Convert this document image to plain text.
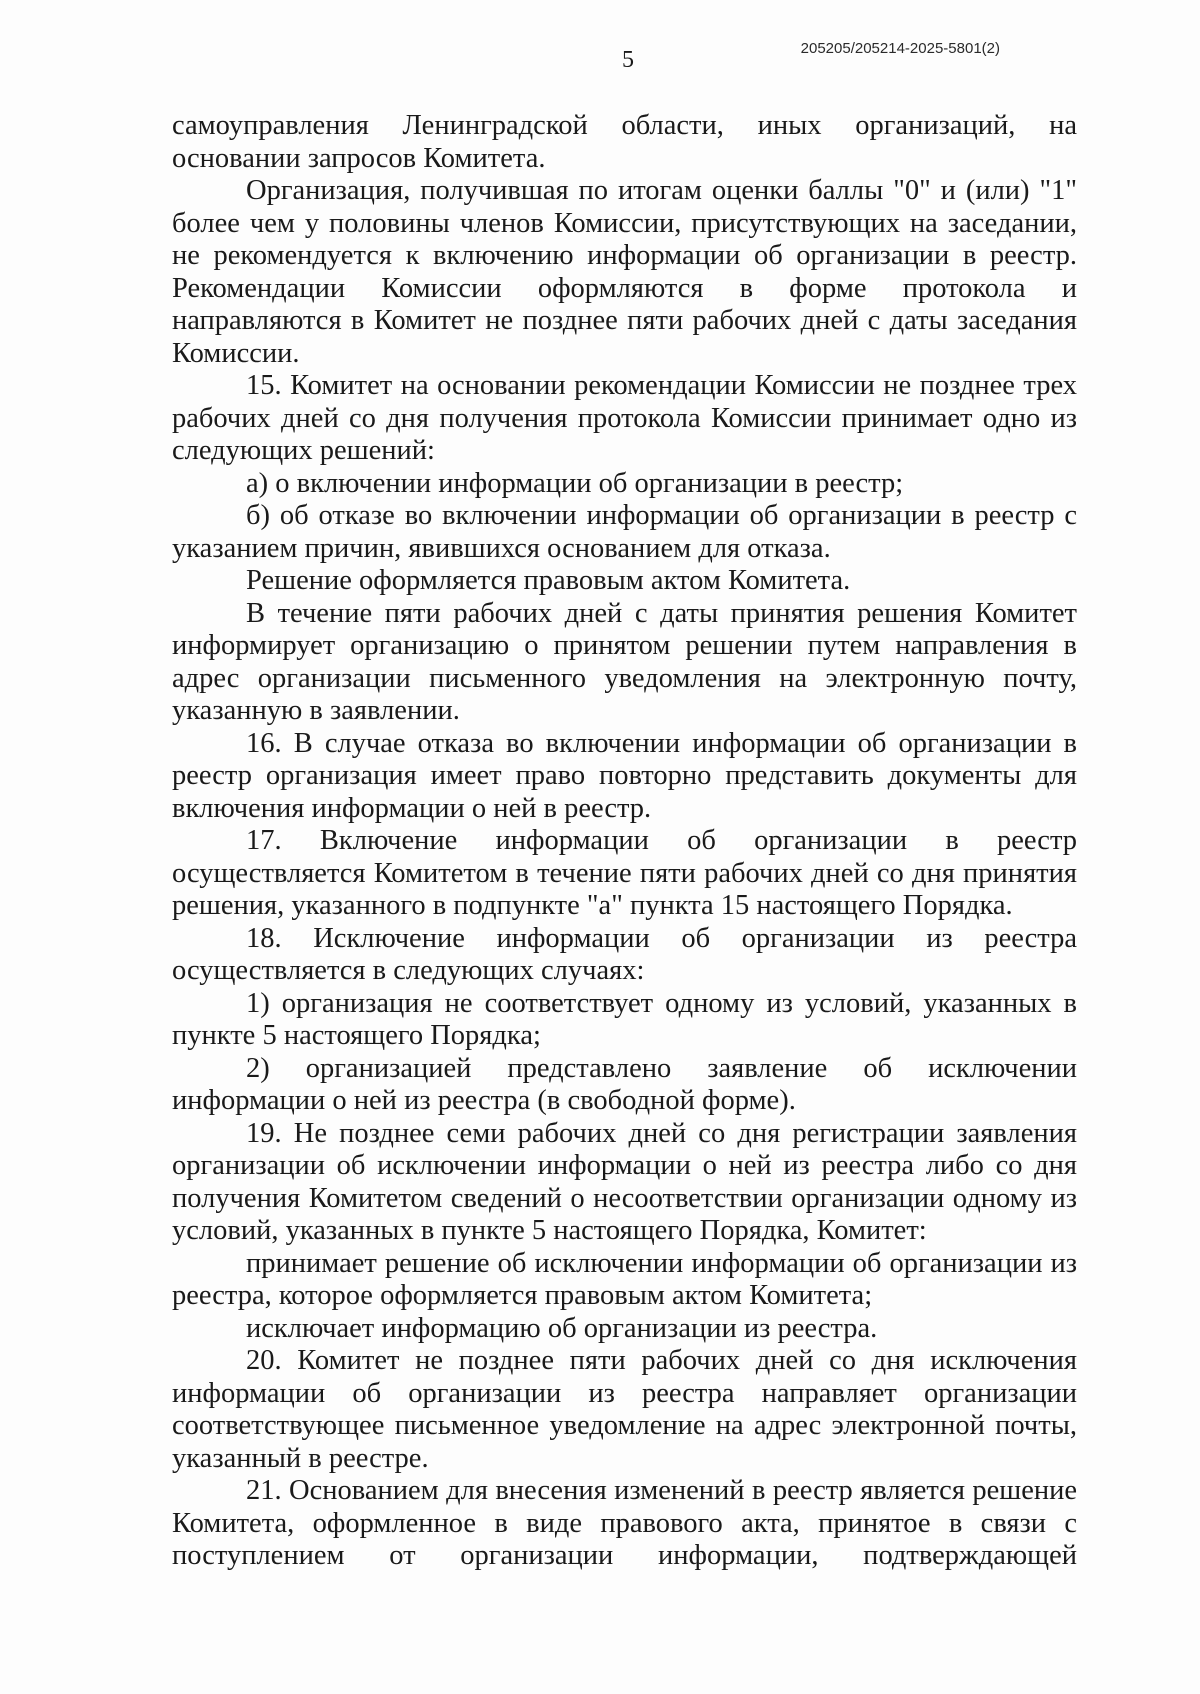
5	205205/205214-2025-5801(2)

самоуправления Ленинградской области, иных организаций, на основании запросов Комитета.

Организация, получившая по итогам оценки баллы "0" и (или) "1" более чем у половины членов Комиссии, присутствующих на заседании, не рекомендуется к включению информации об организации в реестр. Рекомендации Комиссии оформляются в форме протокола и направляются в Комитет не позднее пяти рабочих дней с даты заседания Комиссии.

15. Комитет на основании рекомендации Комиссии не позднее трех рабочих дней со дня получения протокола Комиссии принимает одно из следующих решений:

а) о включении информации об организации в реестр;

б) об отказе во включении информации об организации в реестр с указанием причин, явившихся основанием для отказа.

Решение оформляется правовым актом Комитета.

В течение пяти рабочих дней с даты принятия решения Комитет информирует организацию о принятом решении путем направления в адрес организации письменного уведомления на электронную почту, указанную в заявлении.

16. В случае отказа во включении информации об организации в реестр организация имеет право повторно представить документы для включения информации о ней в реестр.

17. Включение информации об организации в реестр осуществляется Комитетом в течение пяти рабочих дней со дня принятия решения, указанного в подпункте "а" пункта 15 настоящего Порядка.

18. Исключение информации об организации из реестра осуществляется в следующих случаях:

1) организация не соответствует одному из условий, указанных в пункте 5 настоящего Порядка;

2) организацией представлено заявление об исключении информации о ней из реестра (в свободной форме).

19. Не позднее семи рабочих дней со дня регистрации заявления организации об исключении информации о ней из реестра либо со дня получения Комитетом сведений о несоответствии организации одному из условий, указанных в пункте 5 настоящего Порядка, Комитет:

принимает решение об исключении информации об организации из реестра, которое оформляется правовым актом Комитета;

исключает информацию об организации из реестра.

20. Комитет не позднее пяти рабочих дней со дня исключения информации об организации из реестра направляет организации соответствующее письменное уведомление на адрес электронной почты, указанный в реестре.

21. Основанием для внесения изменений в реестр является решение Комитета, оформленное в виде правового акта, принятое в связи с поступлением от организации информации, подтверждающей
